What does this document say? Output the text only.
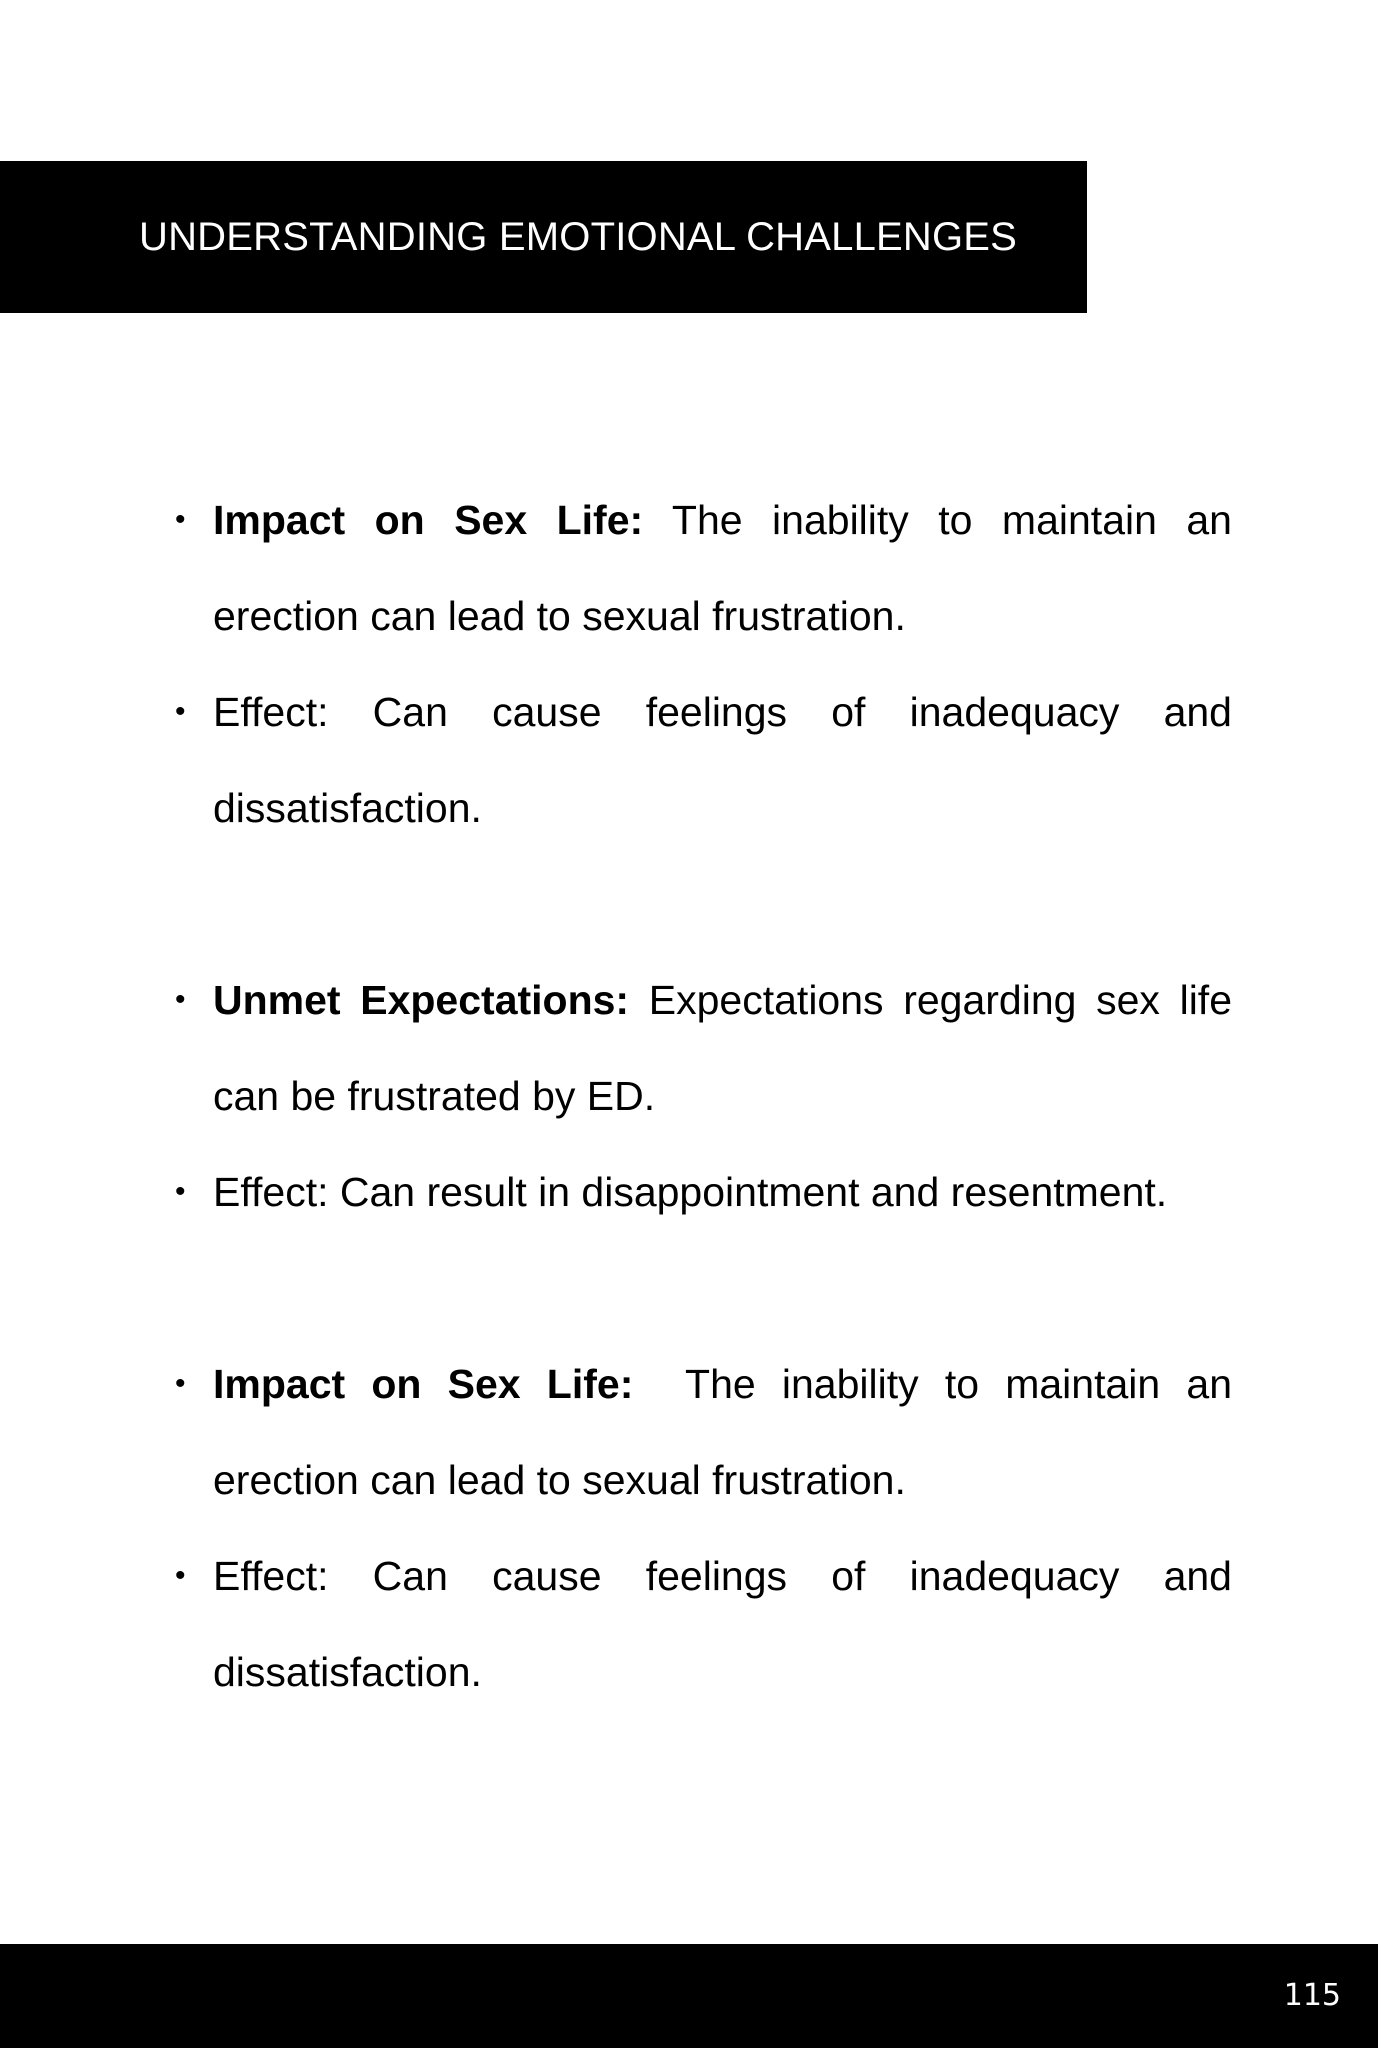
UNDERSTANDING EMOTIONAL CHALLENGES
• Impact on Sex Life: The inability to maintain an erection can lead to sexual frustration.
• Effect: Can cause feelings of inadequacy and dissatisfaction.
• Unmet Expectations: Expectations regarding sex life can be frustrated by ED.
• Effect: Can result in disappointment and resentment.
• Impact on Sex Life: The inability to maintain an erection can lead to sexual frustration.
• Effect: Can cause feelings of inadequacy and dissatisfaction.
115
